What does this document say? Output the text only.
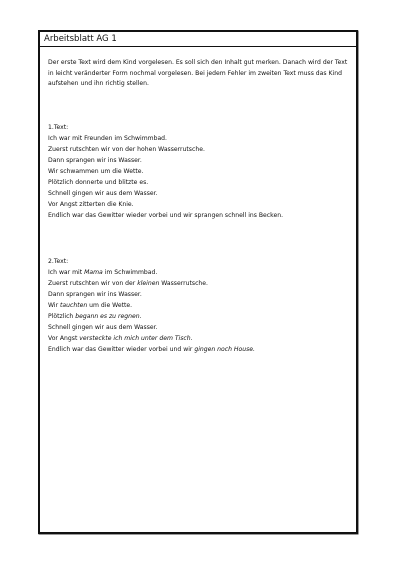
Arbeitsblatt AG 1

Der erste Text wird dem Kind vorgelesen. Es soll sich den Inhalt gut merken. Danach wird der Text in leicht veränderter Form nochmal vorgelesen. Bei jedem Fehler im zweiten Text muss das Kind aufstehen und ihn richtig stellen.

1.Text:
Ich war mit Freunden im Schwimmbad.
Zuerst rutschten wir von der hohen Wasserrutsche.
Dann sprangen wir ins Wasser.
Wir schwammen um die Wette.
Plötzlich donnerte und blitzte es.
Schnell gingen wir aus dem Wasser.
Vor Angst zitterten die Knie.
Endlich war das Gewitter wieder vorbei und wir sprangen schnell ins Becken.
2.Text:
Ich war mit Mama im Schwimmbad.
Zuerst rutschten wir von der kleinen Wasserrutsche.
Dann sprangen wir ins Wasser.
Wir tauchten um die Wette.
Plötzlich begann es zu regnen.
Schnell gingen wir aus dem Wasser.
Vor Angst versteckte ich mich unter dem Tisch.
Endlich war das Gewitter wieder vorbei und wir gingen noch House.
